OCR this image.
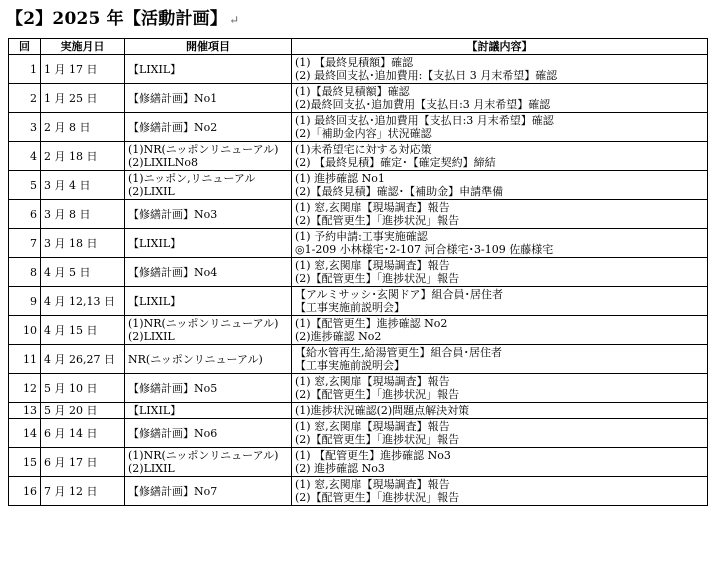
【2】2025 年【活動計画】 ↵
回	実施月日	開催項目	【討議内容】
1	1 月 17 日	【LIXIL】	(1) 【最終見積額】確認
(2) 最終回支払･追加費用:【支払日 3 月末希望】確認

2	1 月 25 日	【修繕計画】No1	(1)【最終見積額】確認
(2)最終回支払･追加費用【支払日:3 月末希望】確認

3	2 月 8 日	【修繕計画】No2	(1) 最終回支払･追加費用【支払日:3 月末希望】確認
(2)「補助金内容」状況確認

4	2 月 18 日	(1)NR(ニッポンリニューアル)
(2)LIXILNo8	(1)未希望宅に対する対応策
(2) 【最終見積】確定･【確定契約】締結

5	3 月 4 日	(1)ニッポン,リニューアル
(2)LIXIL	(1) 進捗確認 No1
(2)【最終見積】確認･【補助金】申請準備

6	3 月 8 日	【修繕計画】No3	(1) 窓,玄関扉【現場調査】報告
(2)【配管更生】「進捗状況」報告

7	3 月 18 日	【LIXIL】	(1) 予約申請:工事実施確認
◎1-209 小林様宅･2-107 河合様宅･3-109 佐藤様宅

8	4 月 5 日	【修繕計画】No4	(1) 窓,玄関扉【現場調査】報告
(2)【配管更生】「進捗状況」報告

9	4 月 12,13 日	【LIXIL】	【アルミサッシ･玄関ドア】組合員･居住者
【工事実施前説明会】

10	4 月 15 日	(1)NR(ニッポンリニューアル)
(2)LIXIL	(1)【配管更生】進捗確認 No2
(2)進捗確認 No2

11	4 月 26,27 日	NR(ニッポンリニューアル)	【給水管再生,給湯管更生】組合員･居住者
【工事実施前説明会】

12	5 月 10 日	【修繕計画】No5	(1) 窓,玄関扉【現場調査】報告
(2)【配管更生】「進捗状況」報告

13	5 月 20 日	【LIXIL】	(1)進捗状況確認(2)問題点解決対策

14	6 月 14 日	【修繕計画】No6	(1) 窓,玄関扉【現場調査】報告
(2)【配管更生】「進捗状況」報告

15	6 月 17 日	(1)NR(ニッポンリニューアル)
(2)LIXIL	(1) 【配管更生】進捗確認 No3
(2) 進捗確認 No3

16	7 月 12 日	【修繕計画】No7	(1) 窓,玄関扉【現場調査】報告
(2)【配管更生】「進捗状況」報告
